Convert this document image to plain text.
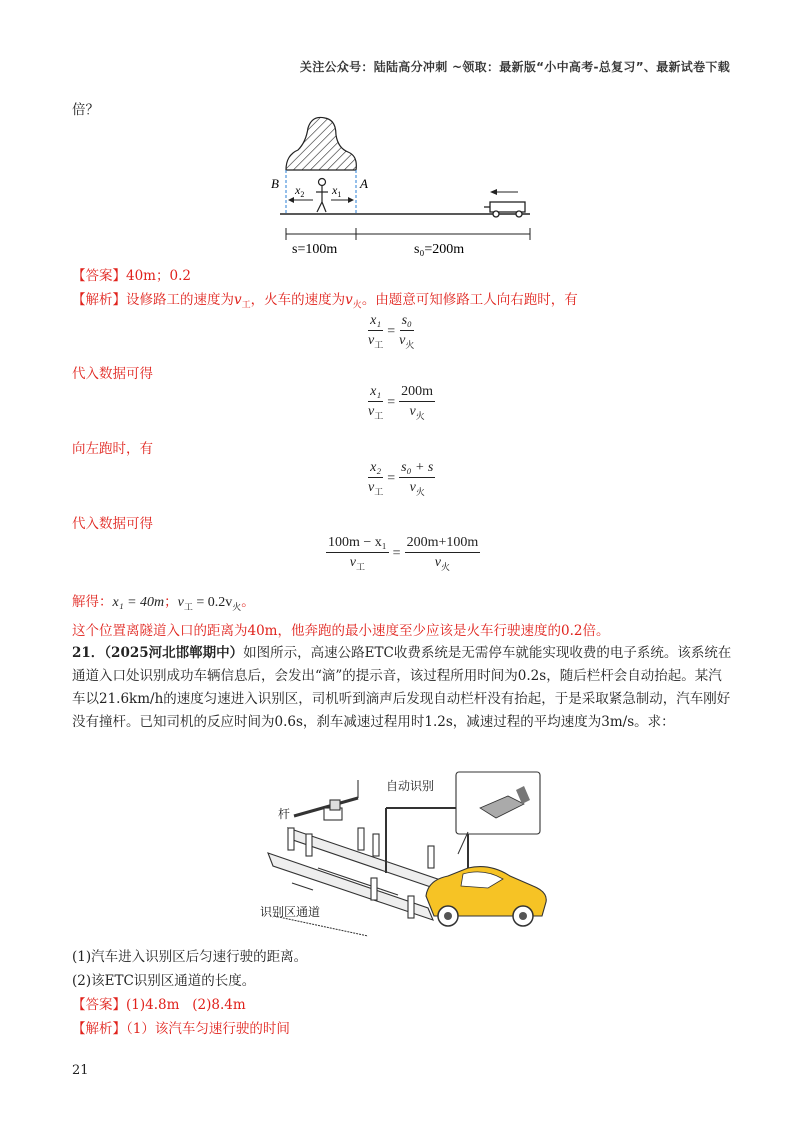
关注公众号：陆陆高分冲刺 ~领取：最新版“小中高考-总复习”、最新试卷下载
倍？
B	A
$x_2$ $x_1$
s=100m	s₀=200m
【答案】40m；0.2
【解析】设修路工的速度为$v_工$，火车的速度为$v_火$。由题意可知修路工人向右跑时，有
$\frac{\text{x₁}}{v_工} = \frac{\text{s₀}}{v_火}$
代入数据可得
$\frac{\text{x₁}}{v_工} = \frac{200m}{v_火}$
向左跑时，有
$\frac{\text{x₂}}{v_工} = \frac{\text{s₀ + s}}{v_火}$
代入数据可得
$\frac{\text{100m − x₁}}{v_工} = \frac{200m+100m}{v_火}$
解得：x₁ = 40m；$v_工 = 0.2v_火$。
这个位置离隧道入口的距离为40m，他奔跑的最小速度至少应该是火车行驶速度的0.2倍。
21．（2025河北邯郸期中）如图所示，高速公路ETC收费系统是无需停车就能实现收费的电子系统。该系统在通道入口处识别成功车辆信息后，会发出“滴”的提示音，该过程所用时间为0.2s，随后栏杆会自动抬起。某汽车以21.6km/h的速度匀速进入识别区，司机听到滴声后发现自动栏杆没有抬起，于是采取紧急制动，汽车刚好没有撞杆。已知司机的反应时间为0.6s，刹车减速过程用时1.2s，减速过程的平均速度为3m/s。求：
杆
自动识别
识别区通道
(1)汽车进入识别区后匀速行驶的距离。
(2)该ETC识别区通道的长度。
【答案】(1)4.8m   (2)8.4m
【解析】（1）该汽车匀速行驶的时间
21
